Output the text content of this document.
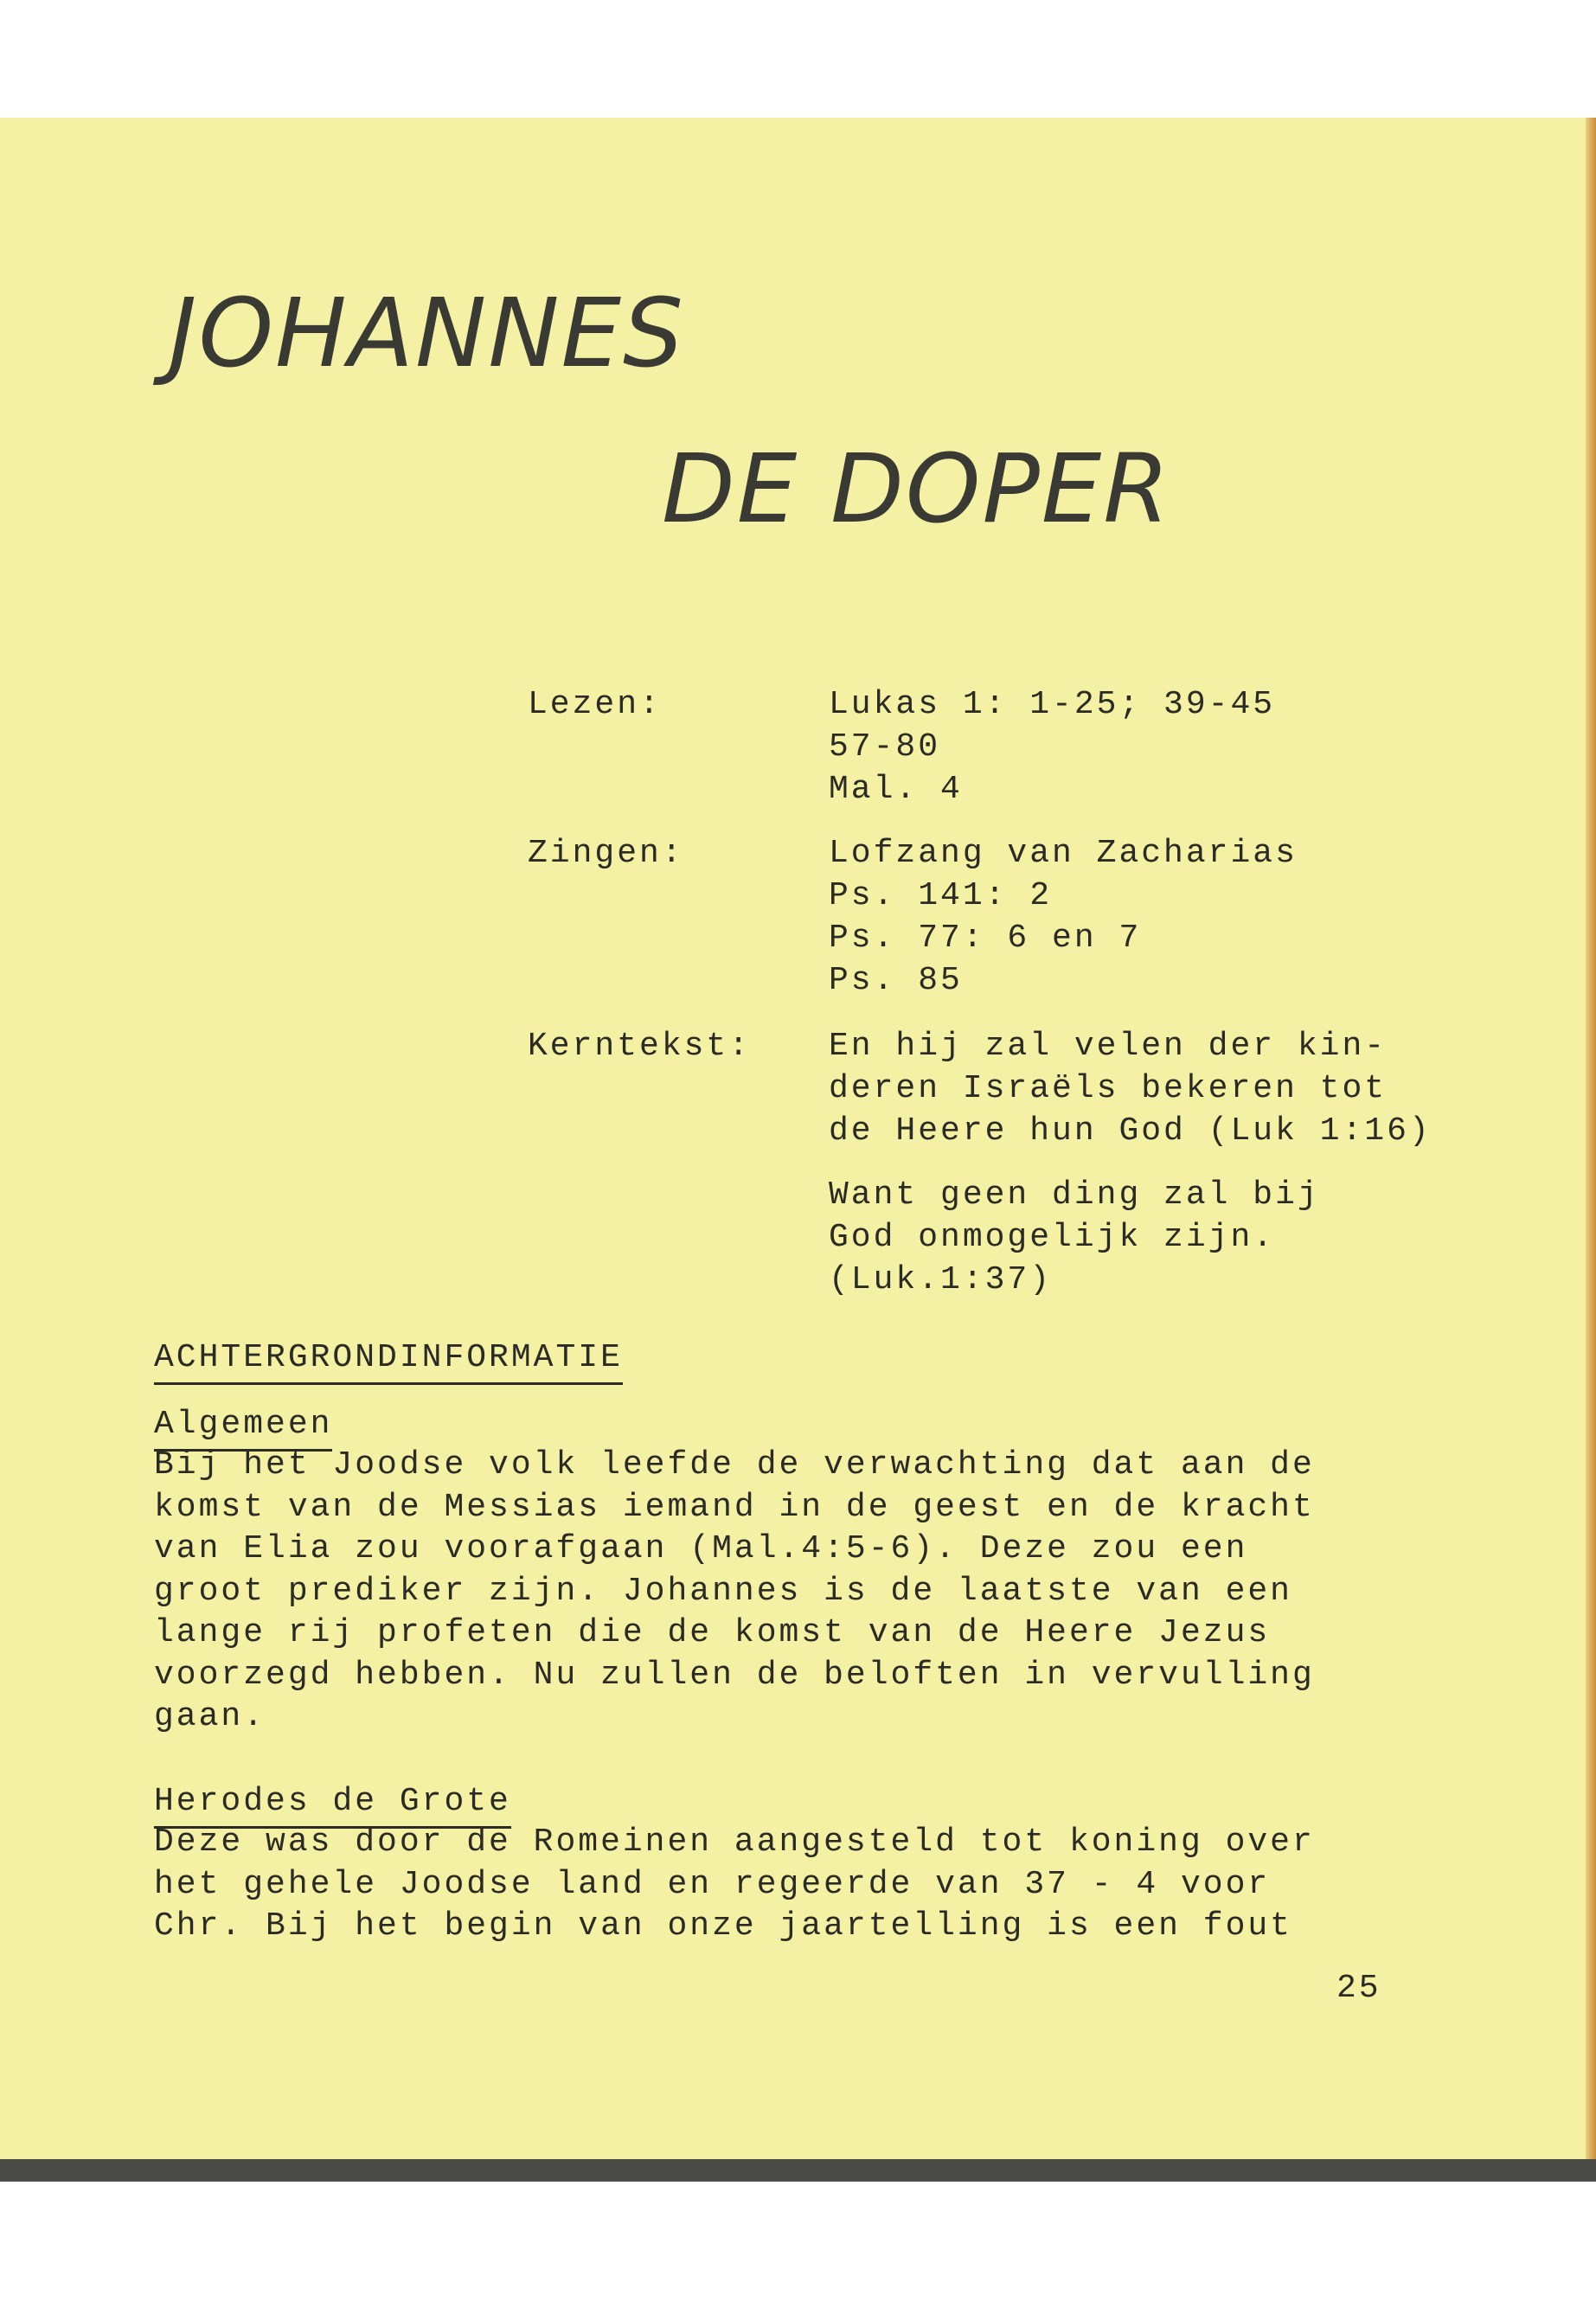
JOHANNES
DE DOPER
Lezen:	Lukas 1: 1-25; 39-45
57-80
Mal. 4
Zingen:	Lofzang van Zacharias
Ps. 141: 2
Ps. 77: 6 en 7
Ps. 85
Kerntekst: En hij zal velen der kin-
deren Israëls bekeren tot
de Heere hun God (Luk 1:16)
Want geen ding zal bij
God onmogelijk zijn.
(Luk.1:37)
ACHTERGRONDINFORMATIE
Algemeen
Bij het Joodse volk leefde de verwachting dat aan de
komst van de Messias iemand in de geest en de kracht
van Elia zou voorafgaan (Mal.4:5-6). Deze zou een
groot prediker zijn. Johannes is de laatste van een
lange rij profeten die de komst van de Heere Jezus
voorzegd hebben. Nu zullen de beloften in vervulling
gaan.
Herodes de Grote
Deze was door de Romeinen aangesteld tot koning over
het gehele Joodse land en regeerde van 37 - 4 voor
Chr. Bij het begin van onze jaartelling is een fout
25
